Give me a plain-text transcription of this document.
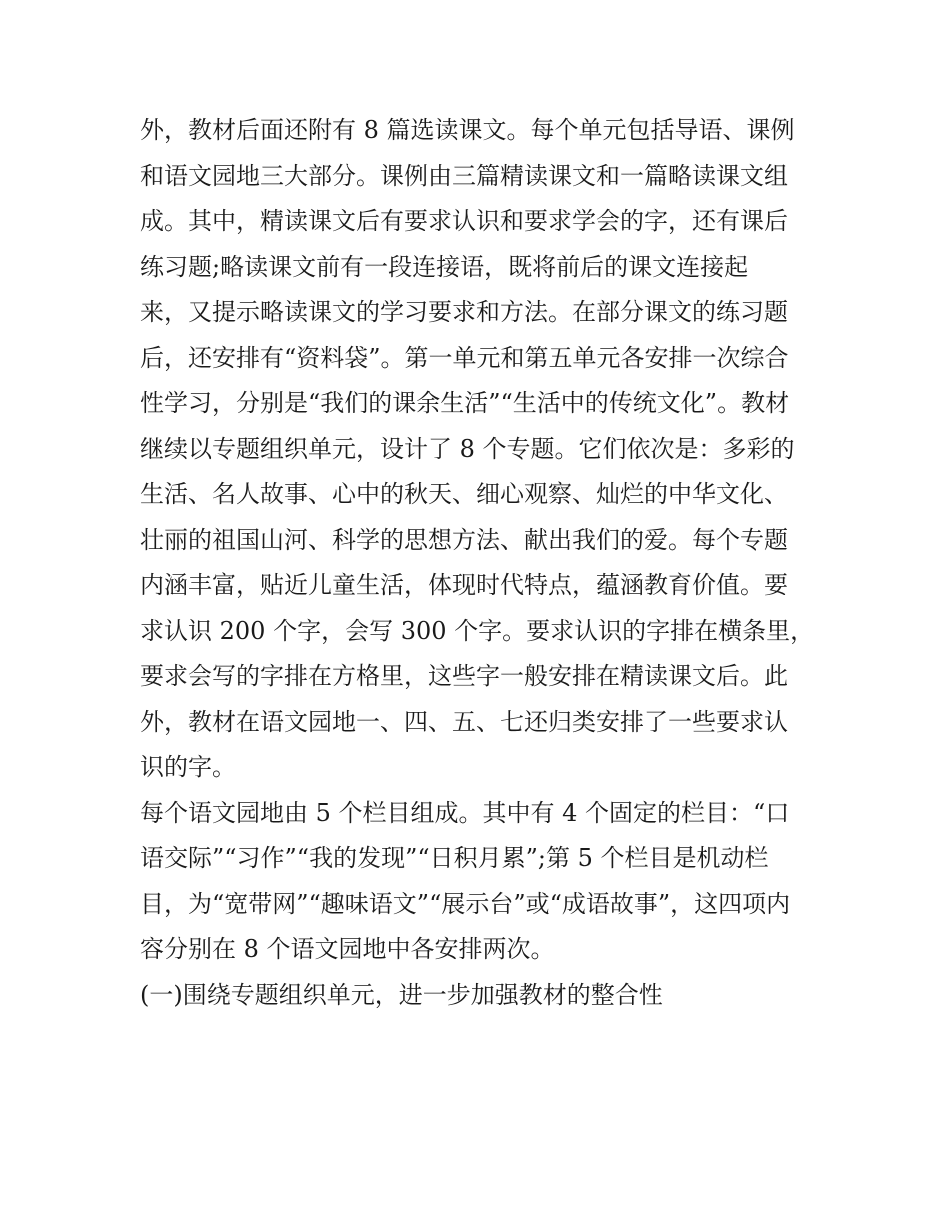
外，教材后面还附有 8 篇选读课文。每个单元包括导语、课例
和语文园地三大部分。课例由三篇精读课文和一篇略读课文组
成。其中，精读课文后有要求认识和要求学会的字，还有课后
练习题;略读课文前有一段连接语，既将前后的课文连接起
来，又提示略读课文的学习要求和方法。在部分课文的练习题
后，还安排有“资料袋”。第一单元和第五单元各安排一次综合
性学习，分别是“我们的课余生活”“生活中的传统文化”。教材
继续以专题组织单元，设计了 8 个专题。它们依次是：多彩的
生活、名人故事、心中的秋天、细心观察、灿烂的中华文化、
壮丽的祖国山河、科学的思想方法、献出我们的爱。每个专题
内涵丰富，贴近儿童生活，体现时代特点，蕴涵教育价值。要
求认识 200 个字，会写 300 个字。要求认识的字排在横条里，
要求会写的字排在方格里，这些字一般安排在精读课文后。此
外，教材在语文园地一、四、五、七还归类安排了一些要求认
识的字。
每个语文园地由 5 个栏目组成。其中有 4 个固定的栏目：“口
语交际”“习作”“我的发现”“日积月累”;第 5 个栏目是机动栏
目，为“宽带网”“趣味语文”“展示台”或“成语故事”，这四项内
容分别在 8 个语文园地中各安排两次。
(一)围绕专题组织单元，进一步加强教材的整合性
